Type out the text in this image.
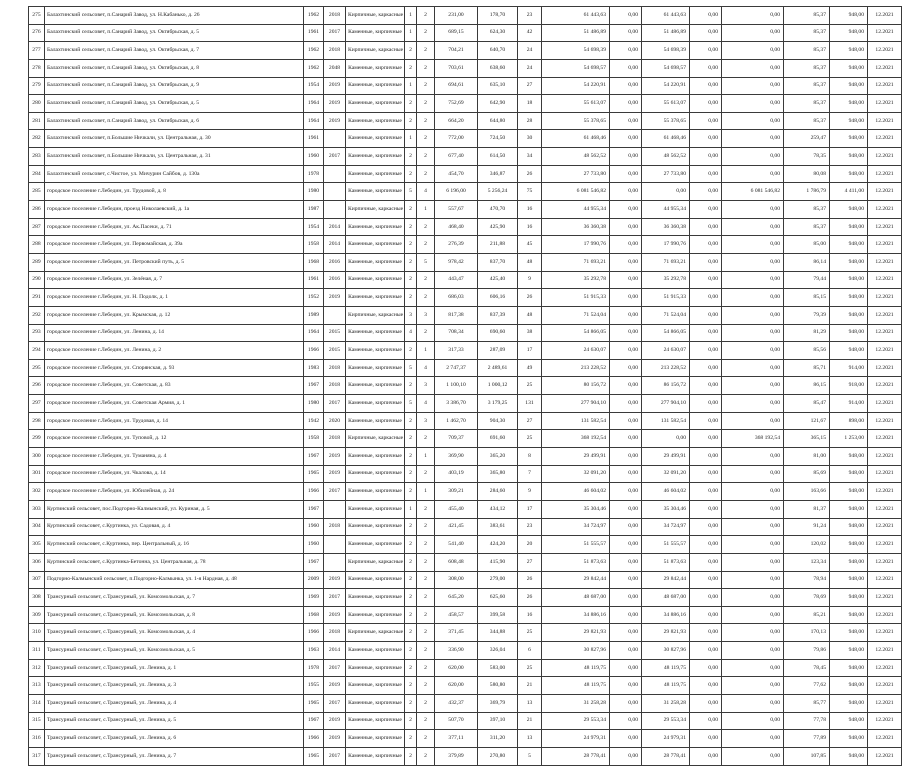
275	Балахтинский сельсовет, п.Санарий Завод, ул. Н.Кабанько, д. 26	1962	2018	Кирпичные, каркасные	1	2	231,00	178,70	23	61 443,63	0,00	61 443,63	0,00	0,00	85,37	948,00	12.2021
276	Балахтинский сельсовет, п.Санарий Завод, ул. Октябрьская, д. 5	1961	2017	Каменные, кирпичные	1	2	689,15	624,30	42	51 486,89	0,00	51 486,89	0,00	0,00	85,37	948,00	12.2021
277	Балахтинский сельсовет, п.Санарий Завод, ул. Октябрьская, д. 7	1962	2018	Кирпичные, каркасные	2	2	704,21	640,70	24	54 698,39	0,00	54 698,39	0,00	0,00	85,37	948,00	12.2021
278	Балахтинский сельсовет, п.Санарий Завод, ул. Октябрьская, д. 8	1962	2048	Каменные, кирпичные	2	2	703,61	638,60	24	54 698,57	0,00	54 698,57	0,00	0,00	85,37	948,00	12.2021
279	Балахтинский сельсовет, п.Санарий Завод, ул. Октябрьская, д. 9	1954	2019	Каменные, кирпичные	1	2	694,61	635,10	27	54 220,91	0,00	54 220,91	0,00	0,00	85,37	948,00	12.2021
280	Балахтинский сельсовет, п.Санарий Завод, ул. Октябрьская, д. 5	1964	2019	Каменные, кирпичные	2	2	752,69	642,90	18	55 613,07	0,00	55 613,07	0,00	0,00	85,37	948,00	12.2021
281	Балахтинский сельсовет, п.Санарий Завод, ул. Октябрьская, д. 6	1964	2019	Каменные, кирпичные	2	2	664,20	644,80	28	55 378,65	0,00	55 378,65	0,00	0,00	85,37	948,00	12.2021
282	Балахтинский сельсовет, п.Большие Ничкали, ул. Центральная, д. 30	1961		Каменные, кирпичные	1	2	772,00	724,50	30	61 468,46	0,00	61 468,46	0,00	0,00	259,47	948,00	12.2021
283	Балахтинский сельсовет, п.Большие Ничкали, ул. Центральная, д. 31	1960	2017	Каменные, кирпичные	2	2	677,40	614,50	34	48 562,52	0,00	48 562,52	0,00	0,00	78,35	948,00	12.2021
284	Балахтинский сельсовет, с.Чистое, ул. Мичурин Сайбов, д. 130а	1978		Каменные, кирпичные	2	2	454,70	346,87	26	27 733,80	0,00	27 733,80	0,00	0,00	80,08	948,00	12.2021
285	городское поселение г.Лебедин, ул. Трудовой, д. 8	1980		Каменные, кирпичные	5	4	6 196,00	5 256,24	75	6 081 546,82	0,00	0,00	0,00	6 081 546,82	1 786,79	4 411,00	12.2021
286	городское поселение г.Лебедин, проезд Николаевский, д. 1а	1987		Кирпичные, каркасные	2	1	557,67	470,70	16	44 955,34	0,00	44 955,34	0,00	0,00	85,37	948,00	12.2021
287	городское поселение г.Лебедин, ул. Ак.Пасеки, д. 71	1954	2014	Каменные, кирпичные	2	2	468,40	425,90	16	36 360,38	0,00	36 360,38	0,00	0,00	85,37	948,00	12.2021
288	городское поселение г.Лебедин, ул. Первомайская, д. 39а	1958	2014	Каменные, кирпичные	2	2	276,39	211,88	45	17 990,76	0,00	17 990,76	0,00	0,00	85,00	948,00	12.2021
289	городское поселение г.Лебедин, ул. Петровский путь, д. 5	1968	2016	Каменные, кирпичные	2	5	978,42	837,70	48	71 693,21	0,00	71 693,21	0,00	0,00	86,14	948,00	12.2021
290	городское поселение г.Лебедин, ул. Зелёная, д. 7	1961	2016	Каменные, кирпичные	2	2	443,47	425,40	9	35 292,78	0,00	35 292,78	0,00	0,00	79,44	948,00	12.2021
291	городское поселение г.Лебедин, ул. Н. Подолк, д. 1	1952	2019	Каменные, кирпичные	2	2	686,03	606,16	26	51 915,33	0,00	51 915,33	0,00	0,00	85,15	948,00	12.2021
292	городское поселение г.Лебедин, ул. Крымская, д. 12	1989		Кирпичные, каркасные	3	3	817,38	837,39	48	71 524,04	0,00	71 524,04	0,00	0,00	79,39	948,00	12.2021
293	городское поселение г.Лебедин, ул. Ленина, д. 14	1964	2015	Каменные, кирпичные	4	2	708,34	690,60	38	54 866,05	0,00	54 866,05	0,00	0,00	81,29	948,00	12.2021
294	городское поселение г.Лебедин, ул. Ленина, д. 2	1966	2015	Каменные, кирпичные	2	1	317,33	287,09	17	24 630,07	0,00	24 630,07	0,00	0,00	85,56	948,00	12.2021
295	городское поселение г.Лебедин, ул. Спорянская, д. 93	1983	2018	Каменные, кирпичные	5	4	2 747,37	2 489,61	49	213 228,52	0,00	213 228,52	0,00	0,00	85,71	914,00	12.2021
296	городское поселение г.Лебедин, ул. Советская, д. 83	1967	2018	Каменные, кирпичные	2	3	1 100,10	1 000,12	25	80 156,72	0,00	86 156,72	0,00	0,00	86,15	918,00	12.2021
297	городское поселение г.Лебедин, ул. Советская Армия, д. 1	1980	2017	Каменные, кирпичные	5	4	3 386,70	3 179,25	131	277 904,10	0,00	277 904,10	0,00	0,00	85,47	914,00	12.2021
298	городское поселение г.Лебедин, ул. Трудовая, д. 14	1942	2020	Каменные, кирпичные	2	3	1 462,70	904,30	27	131 582,54	0,00	131 582,54	0,00	0,00	121,67	898,00	12.2021
299	городское поселение г.Лебедин, ул. Туповой, д. 12	1958	2018	Кирпичные, каркасные	2	2	709,37	691,60	25	368 192,54	0,00	0,00	0,00	368 192,54	365,15	1 253,00	12.2021
300	городское поселение г.Лебедин, ул. Туманяна, д. 4	1967	2019	Каменные, кирпичные	2	1	369,90	365,20	8	29 499,91	0,00	29 499,91	0,00	0,00	81,00	948,00	12.2021
301	городское поселение г.Лебедин, ул. Чкалова, д. 14	1965	2019	Каменные, кирпичные	2	2	403,19	365,80	7	32 091,20	0,00	32 091,20	0,00	0,00	85,69	948,00	12.2021
302	городское поселение г.Лебедин, ул. Юбилейная, д. 24	1966	2017	Каменные, кирпичные	2	1	309,21	284,60	9	46 604,02	0,00	46 604,02	0,00	0,00	163,66	948,00	12.2021
303	Куртинский сельсовет, пос.Подгорно-Калмынский, ул. Куриная, д. 5	1967		Каменные, кирпичные	1	2	455,40	434,12	17	35 304,46	0,00	35 304,46	0,00	0,00	81,37	948,00	12.2021
304	Куртинский сельсовет, с.Куртинка, ул. Садовая, д. 4	1960	2018	Каменные, кирпичные	2	2	421,45	383,61	23	34 724,97	0,00	34 724,97	0,00	0,00	91,24	948,00	12.2021
305	Куртинский сельсовет, с.Куртинка, пер. Центральный, д. 16	1960		Каменные, кирпичные	2	2	541,40	424,20	20	51 555,57	0,00	51 555,57	0,00	0,00	120,02	948,00	12.2021
306	Куртинский сельсовет, с.Куртинка-Бетонна, ул. Центральная, д. 78	1967		Кирпичные, каркасные	2	2	608,48	415,90	27	51 873,63	0,00	51 873,63	0,00	0,00	123,34	948,00	12.2021
307	Подгорно-Калмынский сельсовет, п.Подгорно-Калмынка, ул. 1-я Нардная, д. 48	2009	2019	Каменные, кирпичные	2	2	308,00	279,00	26	29 842,44	0,00	29 842,44	0,00	0,00	78,94	948,00	12.2021
308	Трансурный сельсовет, с.Трансурный, ул. Комсомольская, д. 7	1969	2017	Каменные, кирпичные	2	2	645,20	625,60	26	48 687,00	0,00	48 687,00	0,00	0,00	78,69	948,00	12.2021
309	Трансурный сельсовет, с.Трансурный, ул. Комсомольская, д. 8	1968	2019	Каменные, кирпичные	2	2	458,57	399,58	16	34 886,16	0,00	34 886,16	0,00	0,00	85,21	948,00	12.2021
310	Трансурный сельсовет, с.Трансурный, ул. Комсомольская, д. 4	1966	2018	Кирпичные, каркасные	2	2	371,45	344,88	25	29 821,93	0,00	29 821,93	0,00	0,00	170,13	948,00	12.2021
311	Трансурный сельсовет, с.Трансурный, ул. Комсомольская, д. 5	1963	2014	Каменные, кирпичные	2	2	336,90	326,04	6	30 827,96	0,00	30 827,96	0,00	0,00	79,86	948,00	12.2021
312	Трансурный сельсовет, с.Трансурный, ул. Ленина, д. 1	1978	2017	Каменные, кирпичные	2	2	620,00	583,00	25	48 119,75	0,00	48 119,75	0,00	0,00	78,45	948,00	12.2021
313	Трансурный сельсовет, с.Трансурный, ул. Ленина, д. 3	1955	2019	Каменные, кирпичные	2	2	620,00	580,80	21	48 119,75	0,00	48 119,75	0,00	0,00	77,62	948,00	12.2021
314	Трансурный сельсовет, с.Трансурный, ул. Ленина, д. 4	1965	2017	Каменные, кирпичные	2	2	432,37	369,79	13	31 258,28	0,00	31 258,28	0,00	0,00	85,77	948,00	12.2021
315	Трансурный сельсовет, с.Трансурный, ул. Ленина, д. 5	1967	2019	Каменные, кирпичные	2	2	507,70	397,10	21	29 553,34	0,00	29 553,34	0,00	0,00	77,78	948,00	12.2021
316	Трансурный сельсовет, с.Трансурный, ул. Ленина, д. 6	1966	2019	Каменные, кирпичные	2	2	377,11	311,20	13	24 979,31	0,00	24 979,31	0,00	0,00	77,89	948,00	12.2021
317	Трансурный сельсовет, с.Трансурный, ул. Ленина, д. 7	1965	2017	Каменные, кирпичные	2	2	379,89	270,80	5	28 778,41	0,00	28 778,41	0,00	0,00	107,85	948,00	12.2021
